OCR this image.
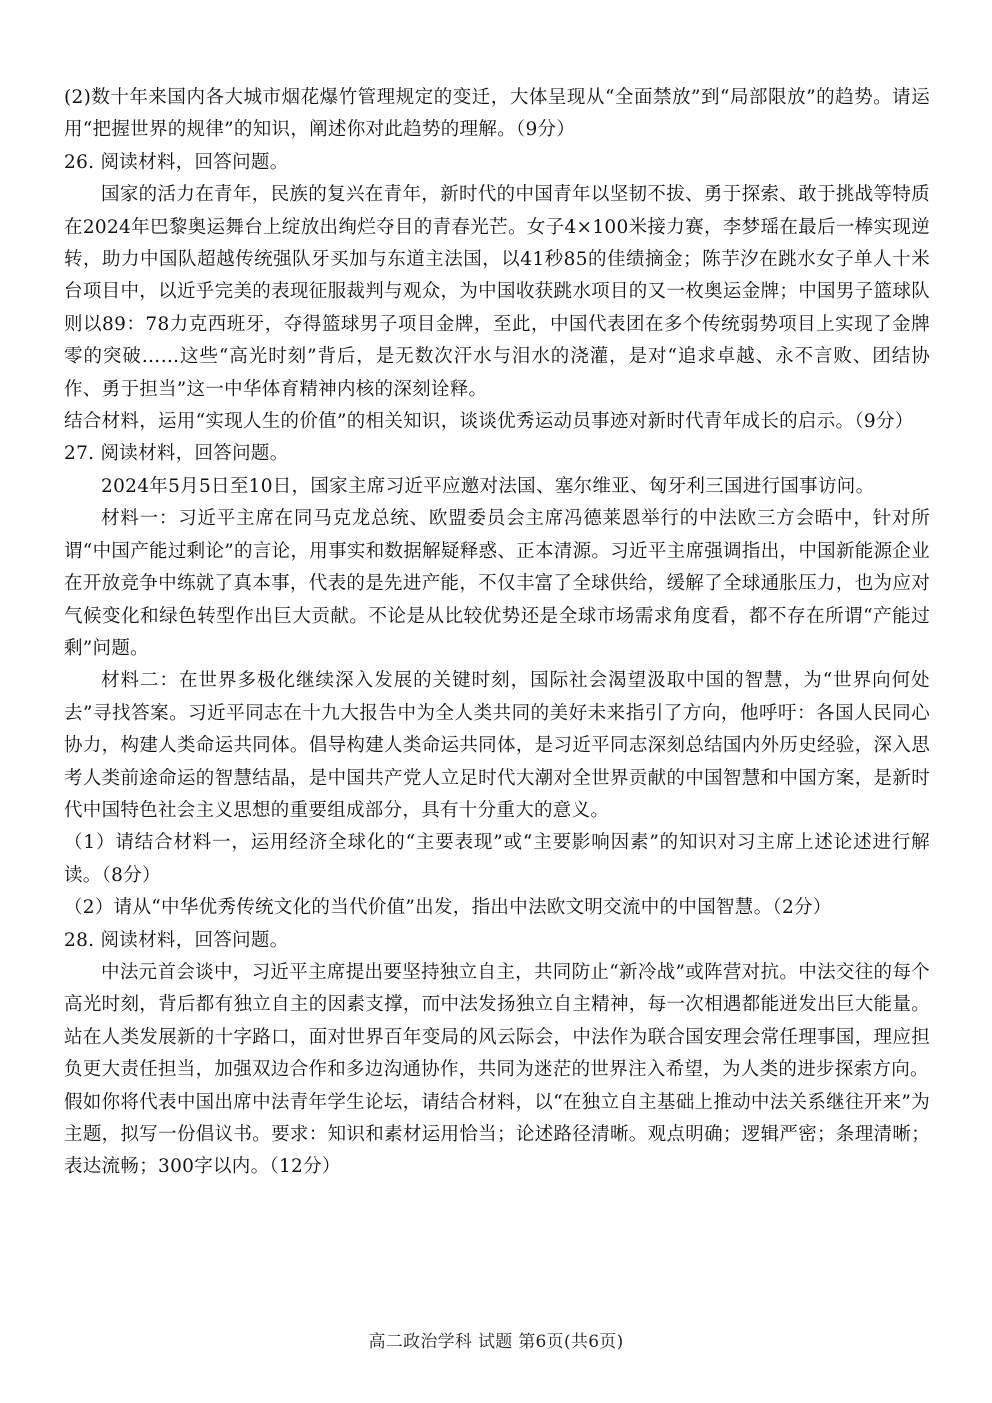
(2)数十年来国内各大城市烟花爆竹管理规定的变迁，大体呈现从“全面禁放”到“局部限放”的趋势。请运用“把握世界的规律”的知识，阐述你对此趋势的理解。（9分）

26. 阅读材料，回答问题。

国家的活力在青年，民族的复兴在青年，新时代的中国青年以坚韧不拔、勇于探索、敢于挑战等特质在2024年巴黎奥运舞台上绽放出绚烂夺目的青春光芒。女子4×100米接力赛，李梦瑶在最后一棒实现逆转，助力中国队超越传统强队牙买加与东道主法国，以41秒85的佳绩摘金；陈芋汐在跳水女子单人十米台项目中，以近乎完美的表现征服裁判与观众，为中国收获跳水项目的又一枚奥运金牌；中国男子篮球队则以89：78力克西班牙，夺得篮球男子项目金牌，至此，中国代表团在多个传统弱势项目上实现了金牌零的突破……这些“高光时刻”背后，是无数次汗水与泪水的浇灌，是对“追求卓越、永不言败、团结协作、勇于担当”这一中华体育精神内核的深刻诠释。

结合材料，运用“实现人生的价值”的相关知识，谈谈优秀运动员事迹对新时代青年成长的启示。（9分）

27. 阅读材料，回答问题。

2024年5月5日至10日，国家主席习近平应邀对法国、塞尔维亚、匈牙利三国进行国事访问。

材料一：习近平主席在同马克龙总统、欧盟委员会主席冯德莱恩举行的中法欧三方会晤中，针对所谓“中国产能过剩论”的言论，用事实和数据解疑释惑、正本清源。习近平主席强调指出，中国新能源企业在开放竞争中练就了真本事，代表的是先进产能，不仅丰富了全球供给，缓解了全球通胀压力，也为应对气候变化和绿色转型作出巨大贡献。不论是从比较优势还是全球市场需求角度看，都不存在所谓“产能过剩”问题。

材料二：在世界多极化继续深入发展的关键时刻，国际社会渴望汲取中国的智慧，为“世界向何处去”寻找答案。习近平同志在十九大报告中为全人类共同的美好未来指引了方向，他呼吁：各国人民同心协力，构建人类命运共同体。倡导构建人类命运共同体，是习近平同志深刻总结国内外历史经验，深入思考人类前途命运的智慧结晶，是中国共产党人立足时代大潮对全世界贡献的中国智慧和中国方案，是新时代中国特色社会主义思想的重要组成部分，具有十分重大的意义。

（1）请结合材料一，运用经济全球化的“主要表现”或“主要影响因素”的知识对习主席上述论述进行解读。（8分）

（2）请从“中华优秀传统文化的当代价值”出发，指出中法欧文明交流中的中国智慧。（2分）

28. 阅读材料，回答问题。

中法元首会谈中，习近平主席提出要坚持独立自主，共同防止“新冷战”或阵营对抗。中法交往的每个高光时刻，背后都有独立自主的因素支撑，而中法发扬独立自主精神，每一次相遇都能迸发出巨大能量。站在人类发展新的十字路口，面对世界百年变局的风云际会，中法作为联合国安理会常任理事国，理应担负更大责任担当，加强双边合作和多边沟通协作，共同为迷茫的世界注入希望，为人类的进步探索方向。

假如你将代表中国出席中法青年学生论坛，请结合材料，以“在独立自主基础上推动中法关系继往开来”为主题，拟写一份倡议书。要求：知识和素材运用恰当；论述路径清晰。观点明确；逻辑严密；条理清晰；表达流畅；300字以内。（12分）

高二政治学科 试题 第6页(共6页)
